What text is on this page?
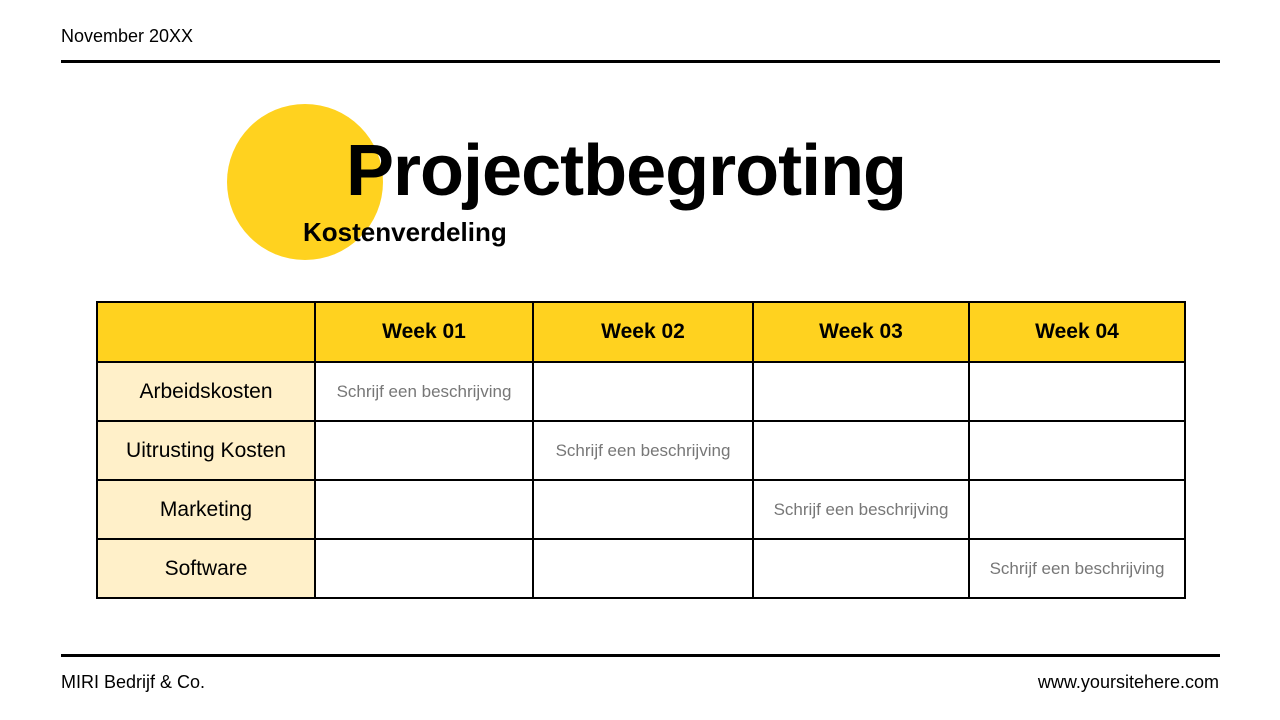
November 20XX
Projectbegroting
Kostenverdeling
	Week 01	Week 02	Week 03	Week 04
Arbeidskosten	Schrijf een beschrijving			
Uitrusting Kosten		Schrijf een beschrijving		
Marketing			Schrijf een beschrijving	
Software				Schrijf een beschrijving
MIRI Bedrijf & Co.	www.yoursitehere.com
